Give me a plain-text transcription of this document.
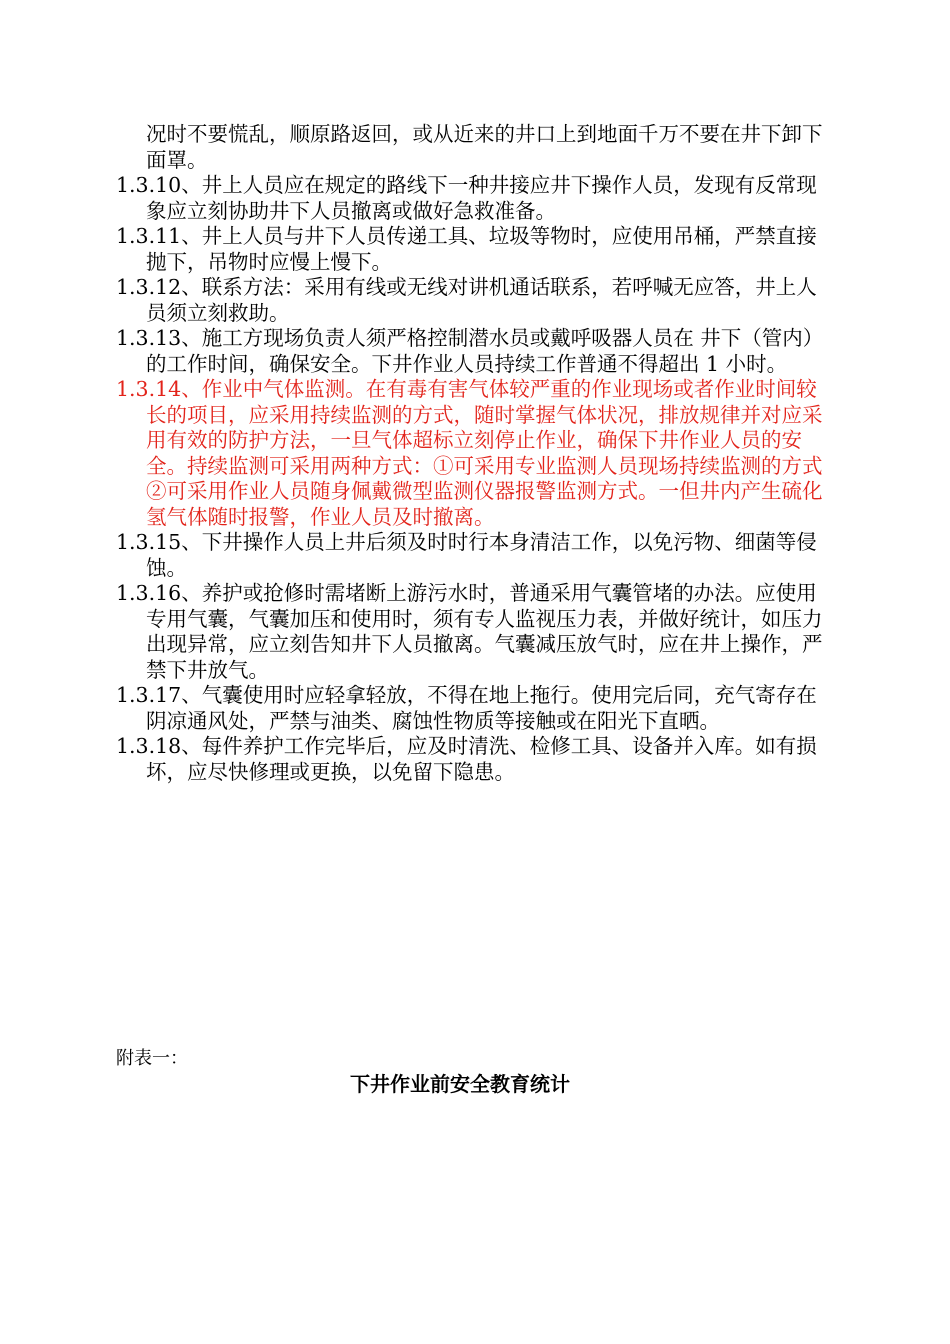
况时不要慌乱，顺原路返回，或从近来的井口上到地面千万不要在井下卸下面罩。

1.3.10、井上人员应在规定的路线下一种井接应井下操作人员，发现有反常现象应立刻协助井下人员撤离或做好急救准备。

1.3.11、井上人员与井下人员传递工具、垃圾等物时，应使用吊桶，严禁直接抛下，吊物时应慢上慢下。

1.3.12、联系方法：采用有线或无线对讲机通话联系，若呼喊无应答，井上人员须立刻救助。

1.3.13、施工方现场负责人须严格控制潜水员或戴呼吸器人员在 井下（管内）的工作时间，确保安全。下井作业人员持续工作普通不得超出 1 小时。

1.3.14、作业中气体监测。在有毒有害气体较严重的作业现场或者作业时间较长的项目，应采用持续监测的方式，随时掌握气体状况，排放规律并对应采用有效的防护方法，一旦气体超标立刻停止作业，确保下井作业人员的安全。持续监测可采用两种方式：①可采用专业监测人员现场持续监测的方式②可采用作业人员随身佩戴微型监测仪器报警监测方式。一但井内产生硫化氢气体随时报警，作业人员及时撤离。

1.3.15、下井操作人员上井后须及时时行本身清洁工作，以免污物、细菌等侵蚀。

1.3.16、养护或抢修时需堵断上游污水时，普通采用气囊管堵的办法。应使用专用气囊，气囊加压和使用时，须有专人监视压力表，并做好统计，如压力出现异常，应立刻告知井下人员撤离。气囊减压放气时，应在井上操作，严禁下井放气。

1.3.17、气囊使用时应轻拿轻放，不得在地上拖行。使用完后同，充气寄存在阴凉通风处，严禁与油类、腐蚀性物质等接触或在阳光下直晒。

1.3.18、每件养护工作完毕后，应及时清洗、检修工具、设备并入库。如有损坏，应尽快修理或更换，以免留下隐患。

附表一：
下井作业前安全教育统计
